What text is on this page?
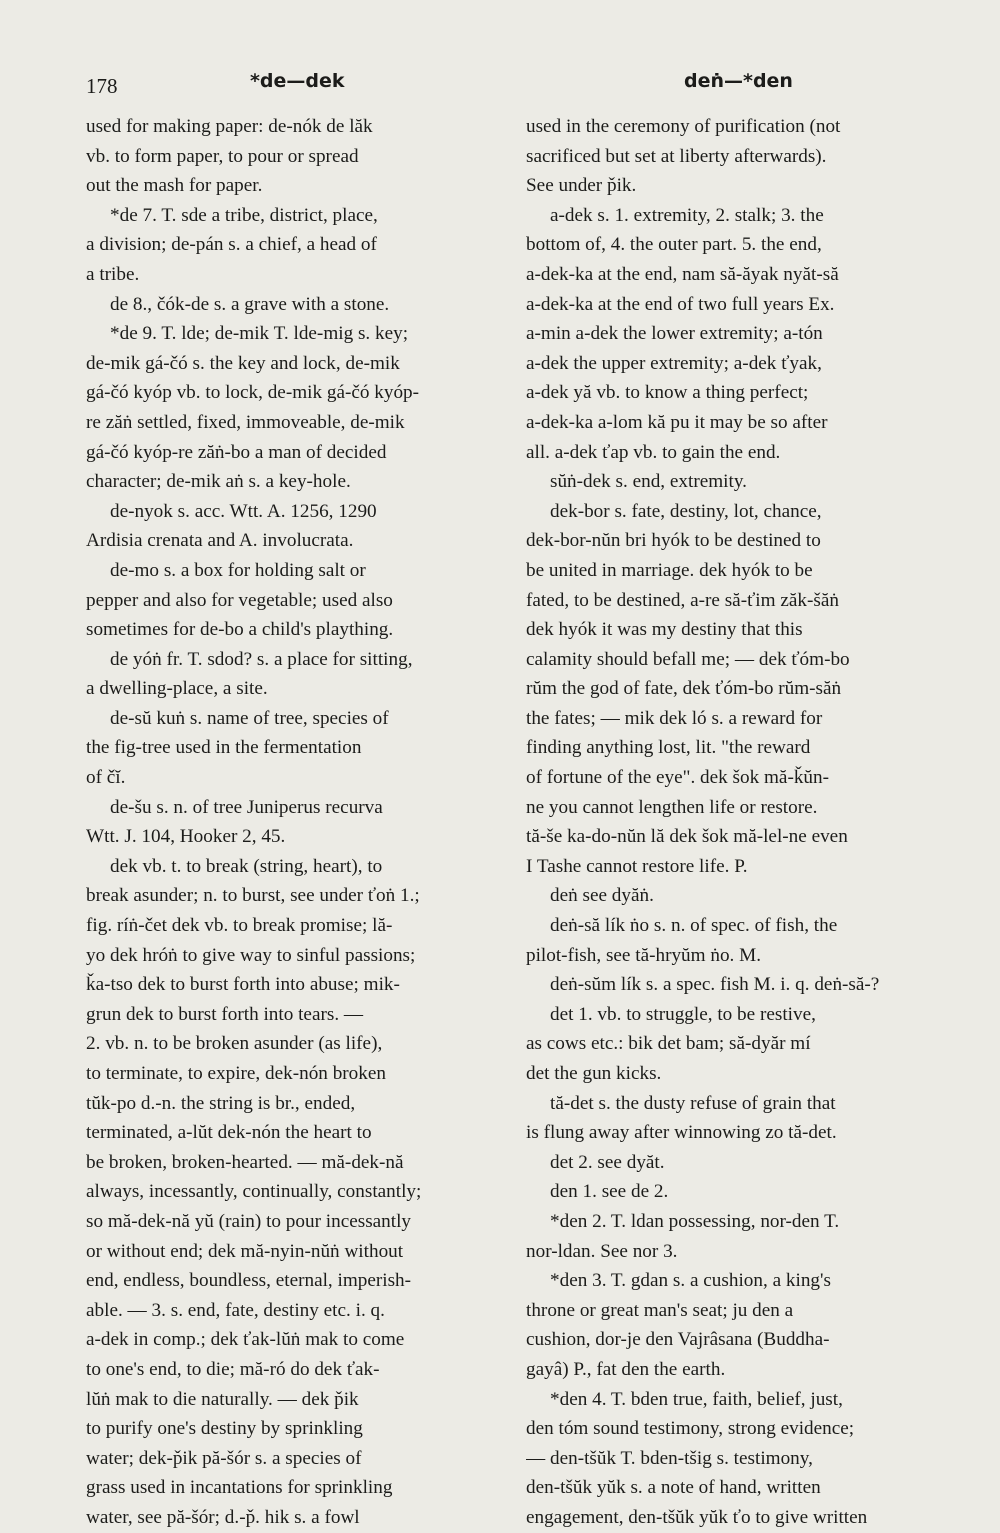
178	*de—dek	deṅ—*den
used for making paper: de-nók de lăk
vb. to form paper, to pour or spread
out the mash for paper.
*de 7. T. sde a tribe, district, place,
a division; de-pán s. a chief, a head of
a tribe.
de 8., čók-de s. a grave with a stone.
*de 9. T. lde; de-mik T. lde-mig s. key;
de-mik gá-čó s. the key and lock, de-mik
gá-čó kyóp vb. to lock, de-mik gá-čó kyóp-
re zăṅ settled, fixed, immoveable, de-mik
gá-čó kyóp-re zăṅ-bo a man of decided
character; de-mik aṅ s. a key-hole.
de-nyok s. acc. Wtt. A. 1256, 1290
Ardisia crenata and A. involucrata.
de-mo s. a box for holding salt or
pepper and also for vegetable; used also
sometimes for de-bo a child's plaything.
de yóṅ fr. T. sdod? s. a place for sitting,
a dwelling-place, a site.
de-sŭ kuṅ s. name of tree, species of
the fig-tree used in the fermentation
of čĭ.
de-šu s. n. of tree Juniperus recurva
Wtt. J. 104, Hooker 2, 45.
dek vb. t. to break (string, heart), to
break asunder; n. to burst, see under ťoṅ 1.;
fig. ríṅ-čet dek vb. to break promise; lă-
yo dek hróṅ to give way to sinful passions;
ǩa-tso dek to burst forth into abuse; mik-
grun dek to burst forth into tears. —
2. vb. n. to be broken asunder (as life),
to terminate, to expire, dek-nón broken
tŭk-po d.-n. the string is br., ended,
terminated, a-lŭt dek-nón the heart to
be broken, broken-hearted. — mă-dek-nă
always, incessantly, continually, constantly;
so mă-dek-nă yŭ (rain) to pour incessantly
or without end; dek mă-nyin-nŭṅ without
end, endless, boundless, eternal, imperish-
able. — 3. s. end, fate, destiny etc. i. q.
a-dek in comp.; dek ťak-lŭṅ mak to come
to one's end, to die; mă-ró do dek ťak-
lŭṅ mak to die naturally. — dek p̌ik
to purify one's destiny by sprinkling
water; dek-p̌ik pă-šór s. a species of
grass used in incantations for sprinkling
water, see pă-šór; d.-p̌. hik s. a fowl
used in the ceremony of purification (not
sacrificed but set at liberty afterwards).
See under p̌ik.
a-dek s. 1. extremity, 2. stalk; 3. the
bottom of, 4. the outer part. 5. the end,
a-dek-ka at the end, nam să-ăyak nyăt-să
a-dek-ka at the end of two full years Ex.
a-min a-dek the lower extremity; a-tón
a-dek the upper extremity; a-dek ťyak,
a-dek yă vb. to know a thing perfect;
a-dek-ka a-lom kă pu it may be so after
all. a-dek ťap vb. to gain the end.
sŭṅ-dek s. end, extremity.
dek-bor s. fate, destiny, lot, chance,
dek-bor-nŭn bri hyók to be destined to
be united in marriage. dek hyók to be
fated, to be destined, a-re să-ťim zăk-šăṅ
dek hyók it was my destiny that this
calamity should befall me; — dek ťóm-bo
rŭm the god of fate, dek ťóm-bo rŭm-săṅ
the fates; — mik dek ló s. a reward for
finding anything lost, lit. "the reward
of fortune of the eye". dek šok mă-ǩŭn-
ne you cannot lengthen life or restore.
tă-še ka-do-nŭn lă dek šok mă-lel-ne even
I Tashe cannot restore life. P.
deṅ see dyăṅ.
deṅ-să lík ṅo s. n. of spec. of fish, the
pilot-fish, see tă-hryŭm ṅo. M.
deṅ-sŭm lík s. a spec. fish M. i. q. deṅ-să-?
det 1. vb. to struggle, to be restive,
as cows etc.: bik det bam; să-dyăr mí
det the gun kicks.
tă-det s. the dusty refuse of grain that
is flung away after winnowing zo tă-det.
det 2. see dyăt.
den 1. see de 2.
*den 2. T. ldan possessing, nor-den T.
nor-ldan. See nor 3.
*den 3. T. gdan s. a cushion, a king's
throne or great man's seat; ju den a
cushion, dor-je den Vajrâsana (Buddha-
gayâ) P., fat den the earth.
*den 4. T. bden true, faith, belief, just,
den tóm sound testimony, strong evidence;
— den-tšŭk T. bden-tšig s. testimony,
den-tšŭk yŭk s. a note of hand, written
engagement, den-tšŭk yŭk ťo to give written
